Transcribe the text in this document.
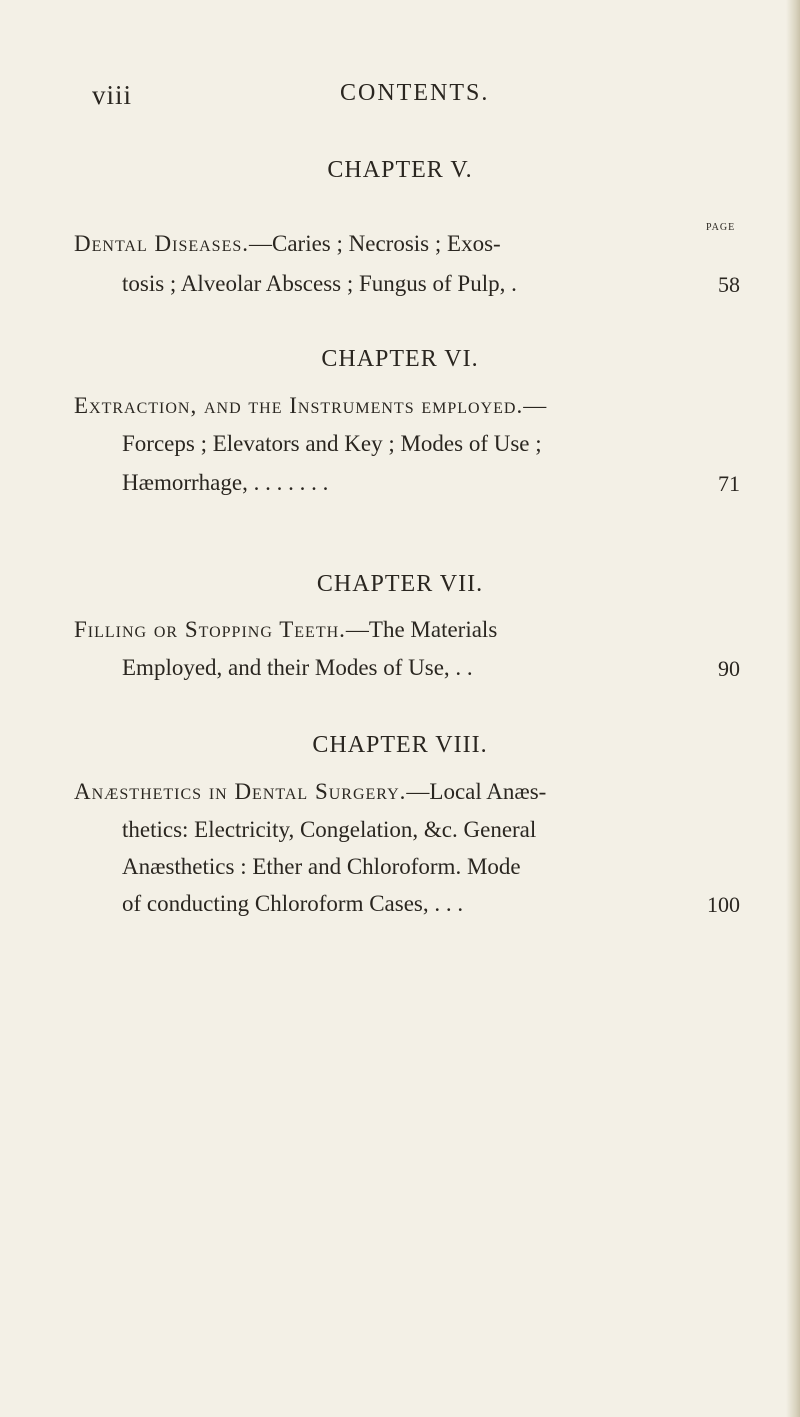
viii	CONTENTS.
CHAPTER V.
PAGE
Dental Diseases.—Caries ; Necrosis ; Exos-
tosis ; Alveolar Abscess ; Fungus of Pulp, .	58
CHAPTER VI.
Extraction, and the Instruments employed.—
Forceps ; Elevators and Key ; Modes of Use ;
Hæmorrhage, . . . . . . .	71
CHAPTER VII.
Filling or Stopping Teeth.—The Materials
Employed, and their Modes of Use, . .	90
CHAPTER VIII.
Anæsthetics in Dental Surgery.—Local Anæs-
thetics: Electricity, Congelation, &c. General
Anæsthetics : Ether and Chloroform. Mode
of conducting Chloroform Cases, . . .	100
